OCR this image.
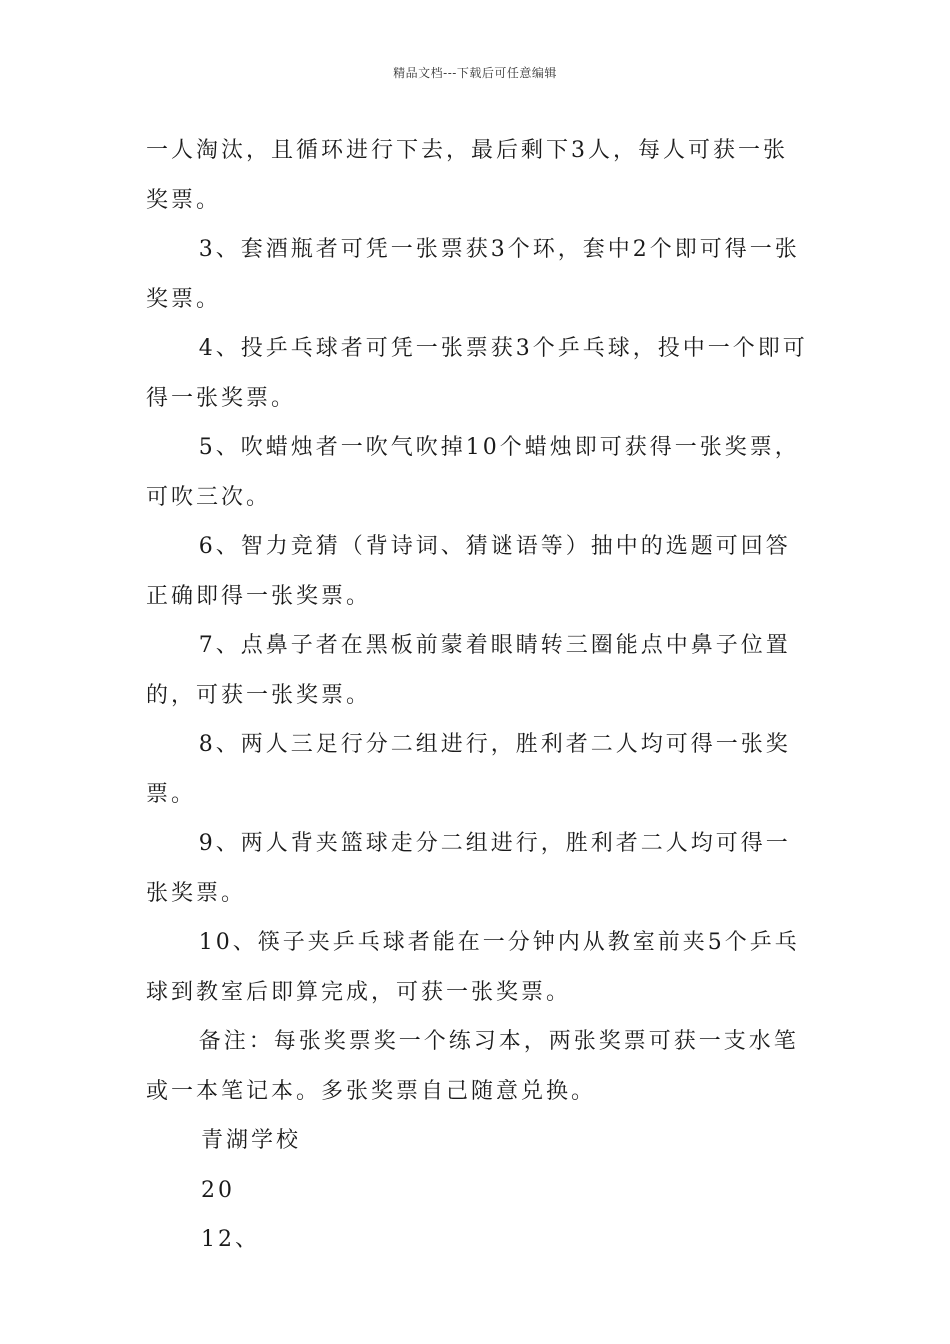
精品文档---下载后可任意编辑

一人淘汰，且循环进行下去，最后剩下3人，每人可获一张奖票。

3、套酒瓶者可凭一张票获3个环，套中2个即可得一张奖票。

4、投乒乓球者可凭一张票获3个乒乓球，投中一个即可得一张奖票。

5、吹蜡烛者一吹气吹掉10个蜡烛即可获得一张奖票，可吹三次。

6、智力竞猜（背诗词、猜谜语等）抽中的选题可回答正确即得一张奖票。

7、点鼻子者在黑板前蒙着眼睛转三圈能点中鼻子位置的，可获一张奖票。

8、两人三足行分二组进行，胜利者二人均可得一张奖票。

9、两人背夹篮球走分二组进行，胜利者二人均可得一张奖票。

10、筷子夹乒乓球者能在一分钟内从教室前夹5个乒乓球到教室后即算完成，可获一张奖票。

备注：每张奖票奖一个练习本，两张奖票可获一支水笔或一本笔记本。多张奖票自己随意兑换。

青湖学校

20

12、
